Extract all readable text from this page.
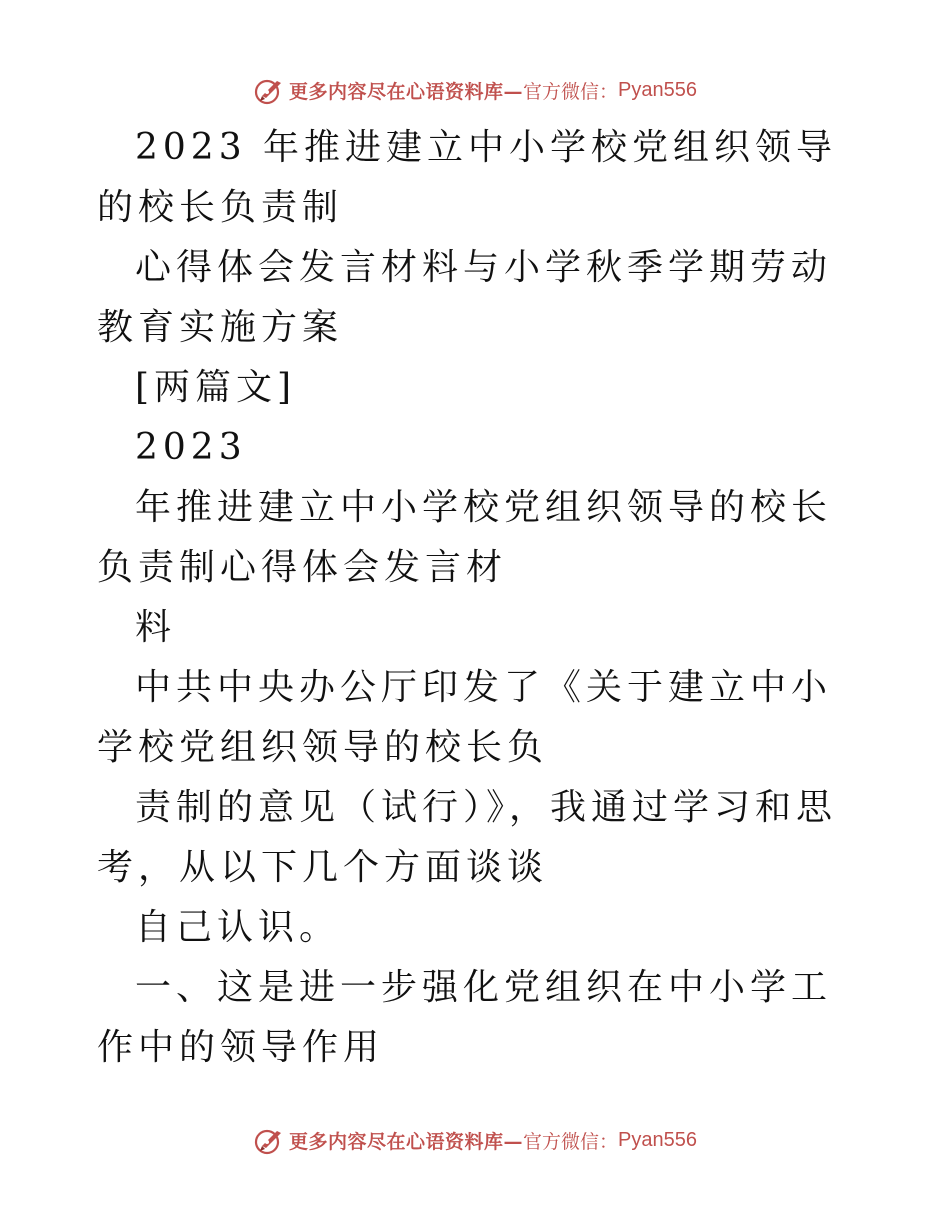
更多内容尽在心语资料库— 官方微信： Pyan556

2023 年推进建立中小学校党组织领导的校长负责制

心得体会发言材料与小学秋季学期劳动教育实施方案

[两篇文]

2023

年推进建立中小学校党组织领导的校长负责制心得体会发言材

料

中共中央办公厅印发了《关于建立中小学校党组织领导的校长负

责制的意见（试行）》，我通过学习和思考，从以下几个方面谈谈

自己认识。

一、这是进一步强化党组织在中小学工作中的领导作用

更多内容尽在心语资料库— 官方微信： Pyan556
